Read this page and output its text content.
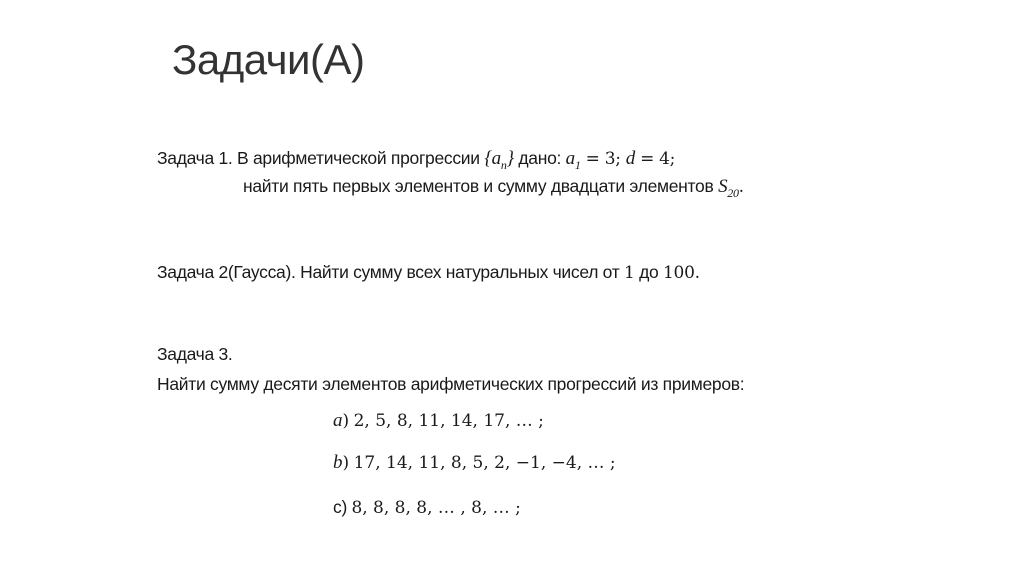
Задачи(А)
Задача 1. В арифметической прогрессии $\{a_n\}$ дано: $a_1 = 3$; d = 4;
найти пять первых элементов и сумму двадцати элементов $S_{20}$.
Задача 2(Гаусса). Найти сумму всех натуральных чисел от 1 до 100.
Задача 3.
Найти сумму десяти элементов арифметических прогрессий из примеров:
a) 2, 5, 8, 11, 14, 17, … ;
b) 17, 14, 11, 8, 5, 2, −1, −4, … ;
c) 8, 8, 8, 8, … , 8, … ;
